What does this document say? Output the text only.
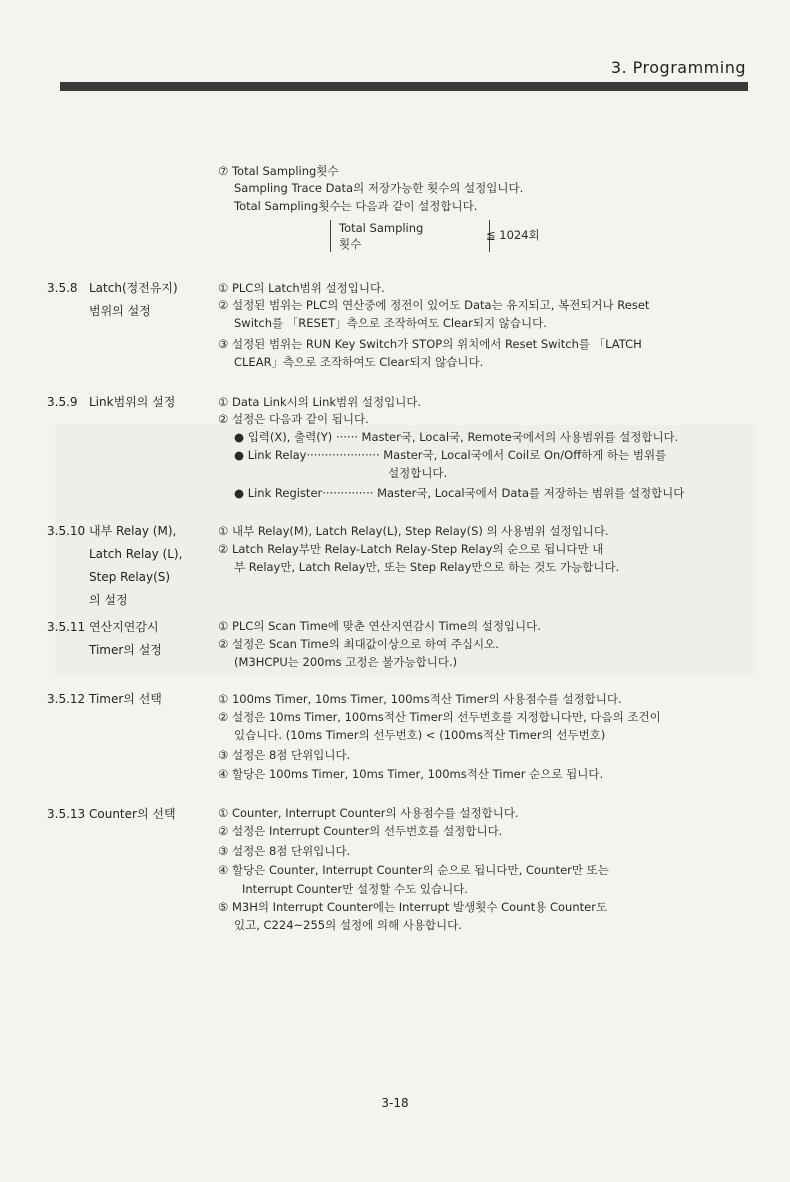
3. Programming
⑦ Total Sampling횟수
Sampling Trace Data의 저장가능한 횟수의 설정입니다.
Total Sampling횟수는 다음과 같이 설정합니다.
Total Sampling
횟수
≦ 1024회
3.5.8 Latch(정전유지)
범위의 설정
① PLC의 Latch범위 설정입니다.
② 설정된 범위는 PLC의 연산중에 정전이 있어도 Data는 유지되고, 복전되거나 Reset
Switch를 「RESET」측으로 조작하여도 Clear되지 않습니다.
③ 설정된 범위는 RUN Key Switch가 STOP의 위치에서 Reset Switch를 「LATCH
CLEAR」측으로 조작하여도 Clear되지 않습니다.
3.5.9 Link범위의 설정	① Data Link시의 Link범위 설정입니다.
② 설정은 다음과 같이 됩니다.
● 입력(X), 출력(Y) ······ Master국, Local국, Remote국에서의 사용범위를 설정합니다.
● Link Relay···················· Master국, Local국에서 Coil로 On/Off하게 하는 범위를
설정합니다.
● Link Register·············· Master국, Local국에서 Data를 저장하는 범위를 설정합니다
3.5.10 내부 Relay (M),
Latch Relay (L),
Step Relay(S)
의 설정
① 내부 Relay(M), Latch Relay(L), Step Relay(S) 의 사용범위 설정입니다.
② Latch Relay부만 Relay-Latch Relay-Step Relay의 순으로 됩니다만 내
부 Relay만, Latch Relay만, 또는 Step Relay만으로 하는 것도 가능합니다.
3.5.11 연산지연감시
Timer의 설정
① PLC의 Scan Time에 맞춘 연산지연감시 Time의 설정입니다.
② 설정은 Scan Time의 최대값이상으로 하여 주십시오.
(M3HCPU는 200ms 고정은 불가능합니다.)
3.5.12 Timer의 선택	① 100ms Timer, 10ms Timer, 100ms적산 Timer의 사용점수를 설정합니다.
② 설정은 10ms Timer, 100ms적산 Timer의 선두번호를 지정합니다만, 다음의 조건이
있습니다. (10ms Timer의 선두번호) < (100ms적산 Timer의 선두번호)
③ 설정은 8점 단위입니다.
④ 할당은 100ms Timer, 10ms Timer, 100ms적산 Timer 순으로 됩니다.
3.5.13 Counter의 선택	① Counter, Interrupt Counter의 사용점수를 설정합니다.
② 설정은 Interrupt Counter의 선두번호를 설정합니다.
③ 설정은 8점 단위입니다.
④ 할당은 Counter, Interrupt Counter의 순으로 됩니다만, Counter만 또는
Interrupt Counter만 설정할 수도 있습니다.
⑤ M3H의 Interrupt Counter에는 Interrupt 발생횟수 Count용 Counter도
있고, C224~255의 설정에 의해 사용합니다.
3-18
